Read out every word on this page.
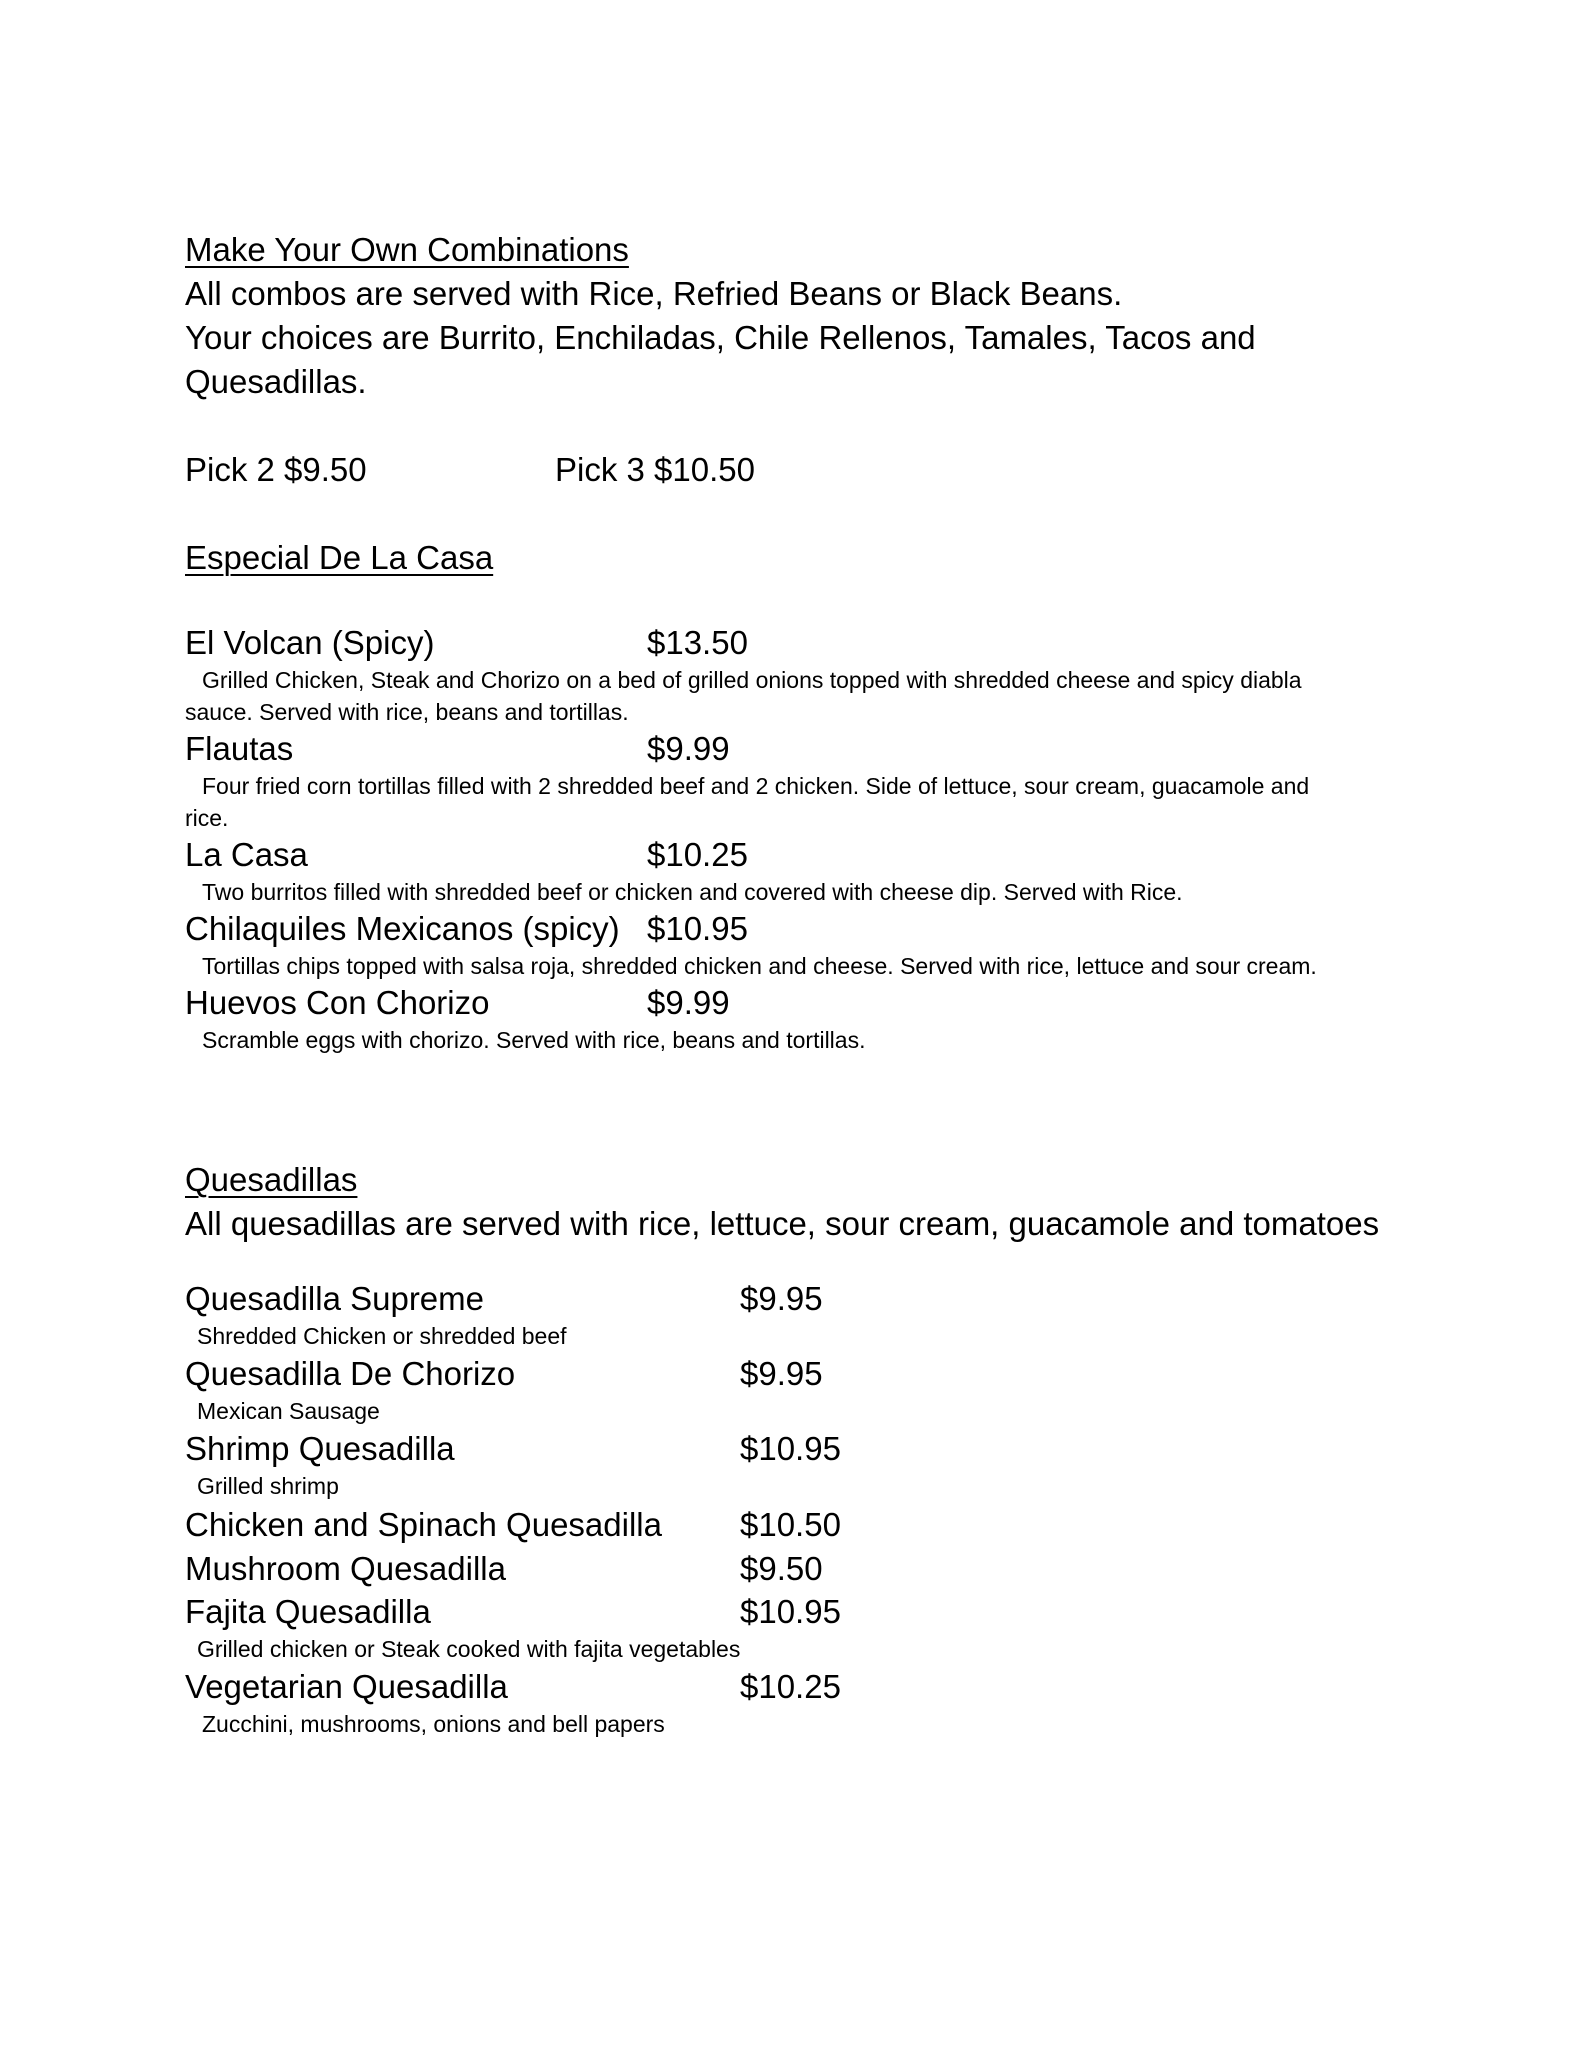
Make Your Own Combinations
All combos are served with Rice, Refried Beans or Black Beans.
Your choices are Burrito, Enchiladas, Chile Rellenos, Tamales, Tacos and Quesadillas.
Pick 2 $9.50	Pick 3 $10.50
Especial De La Casa
El Volcan (Spicy)	$13.50
Grilled Chicken, Steak and Chorizo on a bed of grilled onions topped with shredded cheese and spicy diabla sauce. Served with rice, beans and tortillas.
Flautas	$9.99
Four fried corn tortillas filled with 2 shredded beef and 2 chicken. Side of lettuce, sour cream, guacamole and rice.
La Casa	$10.25
Two burritos filled with shredded beef or chicken and covered with cheese dip. Served with Rice.
Chilaquiles Mexicanos (spicy) $10.95
Tortillas chips topped with salsa roja, shredded chicken and cheese. Served with rice, lettuce and sour cream.
Huevos Con Chorizo	$9.99
Scramble eggs with chorizo. Served with rice, beans and tortillas.
Quesadillas
All quesadillas are served with rice, lettuce, sour cream, guacamole and tomatoes
Quesadilla Supreme	$9.95
Shredded Chicken or shredded beef
Quesadilla De Chorizo	$9.95
Mexican Sausage
Shrimp Quesadilla	$10.95
Grilled shrimp
Chicken and Spinach Quesadilla	$10.50
Mushroom Quesadilla	$9.50
Fajita Quesadilla	$10.95
Grilled chicken or Steak cooked with fajita vegetables
Vegetarian Quesadilla	$10.25
Zucchini, mushrooms, onions and bell papers
